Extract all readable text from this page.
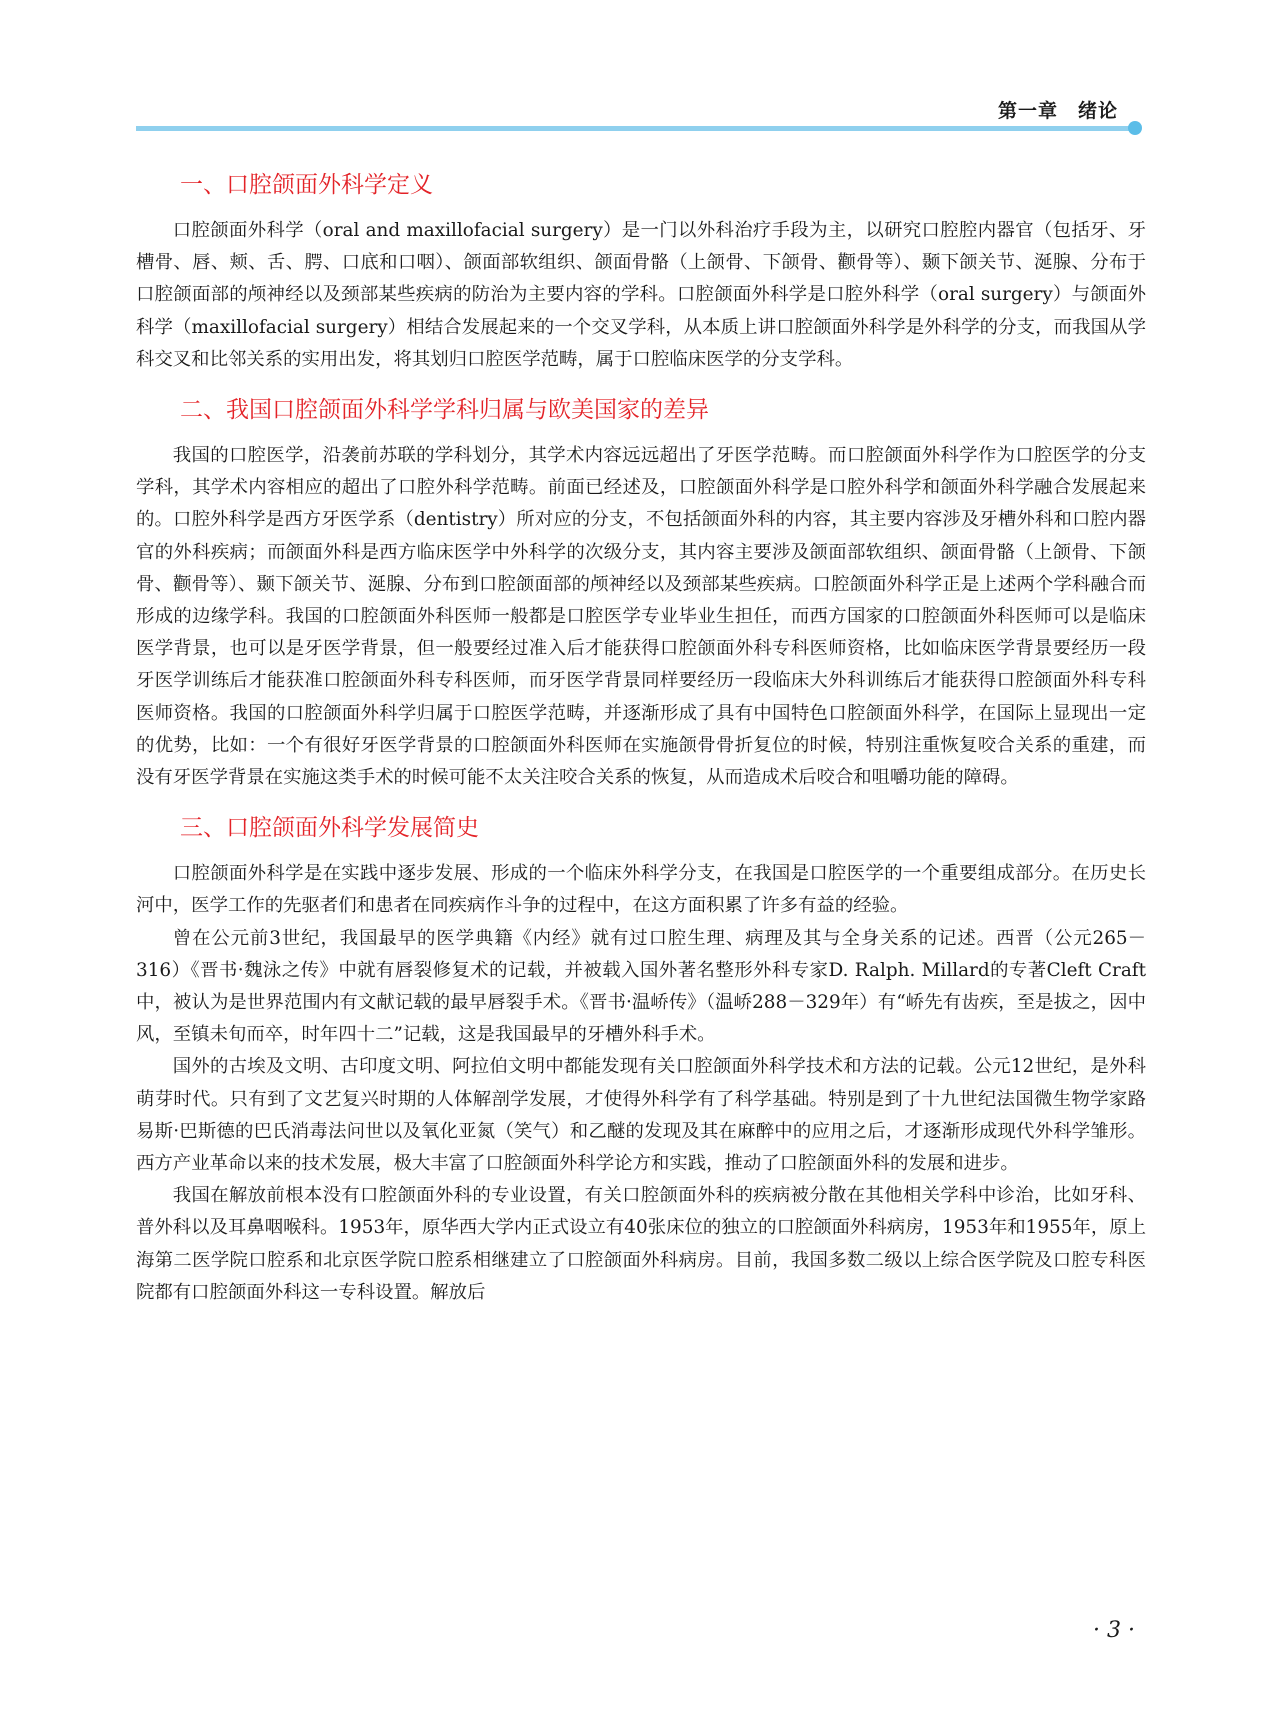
第一章　绪论
一、口腔颌面外科学定义

口腔颌面外科学（oral and maxillofacial surgery）是一门以外科治疗手段为主，以研究口腔腔内器官（包括牙、牙槽骨、唇、颊、舌、腭、口底和口咽）、颌面部软组织、颌面骨骼（上颌骨、下颌骨、颧骨等）、颞下颌关节、涎腺、分布于口腔颌面部的颅神经以及颈部某些疾病的防治为主要内容的学科。口腔颌面外科学是口腔外科学（oral surgery）与颌面外科学（maxillofacial surgery）相结合发展起来的一个交叉学科，从本质上讲口腔颌面外科学是外科学的分支，而我国从学科交叉和比邻关系的实用出发，将其划归口腔医学范畴，属于口腔临床医学的分支学科。

二、我国口腔颌面外科学学科归属与欧美国家的差异

我国的口腔医学，沿袭前苏联的学科划分，其学术内容远远超出了牙医学范畴。而口腔颌面外科学作为口腔医学的分支学科，其学术内容相应的超出了口腔外科学范畴。前面已经述及，口腔颌面外科学是口腔外科学和颌面外科学融合发展起来的。口腔外科学是西方牙医学系（dentistry）所对应的分支，不包括颌面外科的内容，其主要内容涉及牙槽外科和口腔内器官的外科疾病；而颌面外科是西方临床医学中外科学的次级分支，其内容主要涉及颌面部软组织、颌面骨骼（上颌骨、下颌骨、颧骨等）、颞下颌关节、涎腺、分布到口腔颌面部的颅神经以及颈部某些疾病。口腔颌面外科学正是上述两个学科融合而形成的边缘学科。我国的口腔颌面外科医师一般都是口腔医学专业毕业生担任，而西方国家的口腔颌面外科医师可以是临床医学背景，也可以是牙医学背景，但一般要经过准入后才能获得口腔颌面外科专科医师资格，比如临床医学背景要经历一段牙医学训练后才能获准口腔颌面外科专科医师，而牙医学背景同样要经历一段临床大外科训练后才能获得口腔颌面外科专科医师资格。我国的口腔颌面外科学归属于口腔医学范畴，并逐渐形成了具有中国特色口腔颌面外科学，在国际上显现出一定的优势，比如：一个有很好牙医学背景的口腔颌面外科医师在实施颌骨骨折复位的时候，特别注重恢复咬合关系的重建，而没有牙医学背景在实施这类手术的时候可能不太关注咬合关系的恢复，从而造成术后咬合和咀嚼功能的障碍。

三、口腔颌面外科学发展简史

口腔颌面外科学是在实践中逐步发展、形成的一个临床外科学分支，在我国是口腔医学的一个重要组成部分。在历史长河中，医学工作的先驱者们和患者在同疾病作斗争的过程中，在这方面积累了许多有益的经验。

曾在公元前3世纪，我国最早的医学典籍《内经》就有过口腔生理、病理及其与全身关系的记述。西晋（公元265－316）《晋书·魏泳之传》中就有唇裂修复术的记载，并被载入国外著名整形外科专家D. Ralph. Millard的专著Cleft Craft中，被认为是世界范围内有文献记载的最早唇裂手术。《晋书·温峤传》（温峤288－329年）有“峤先有齿疾，至是拔之，因中风，至镇未旬而卒，时年四十二”记载，这是我国最早的牙槽外科手术。

国外的古埃及文明、古印度文明、阿拉伯文明中都能发现有关口腔颌面外科学技术和方法的记载。公元12世纪，是外科萌芽时代。只有到了文艺复兴时期的人体解剖学发展，才使得外科学有了科学基础。特别是到了十九世纪法国微生物学家路易斯·巴斯德的巴氏消毒法问世以及氧化亚氮（笑气）和乙醚的发现及其在麻醉中的应用之后，才逐渐形成现代外科学雏形。西方产业革命以来的技术发展，极大丰富了口腔颌面外科学论方和实践，推动了口腔颌面外科的发展和进步。

我国在解放前根本没有口腔颌面外科的专业设置，有关口腔颌面外科的疾病被分散在其他相关学科中诊治，比如牙科、普外科以及耳鼻咽喉科。1953年，原华西大学内正式设立有40张床位的独立的口腔颌面外科病房，1953年和1955年，原上海第二医学院口腔系和北京医学院口腔系相继建立了口腔颌面外科病房。目前，我国多数二级以上综合医学院及口腔专科医院都有口腔颌面外科这一专科设置。解放后

· 3 ·
